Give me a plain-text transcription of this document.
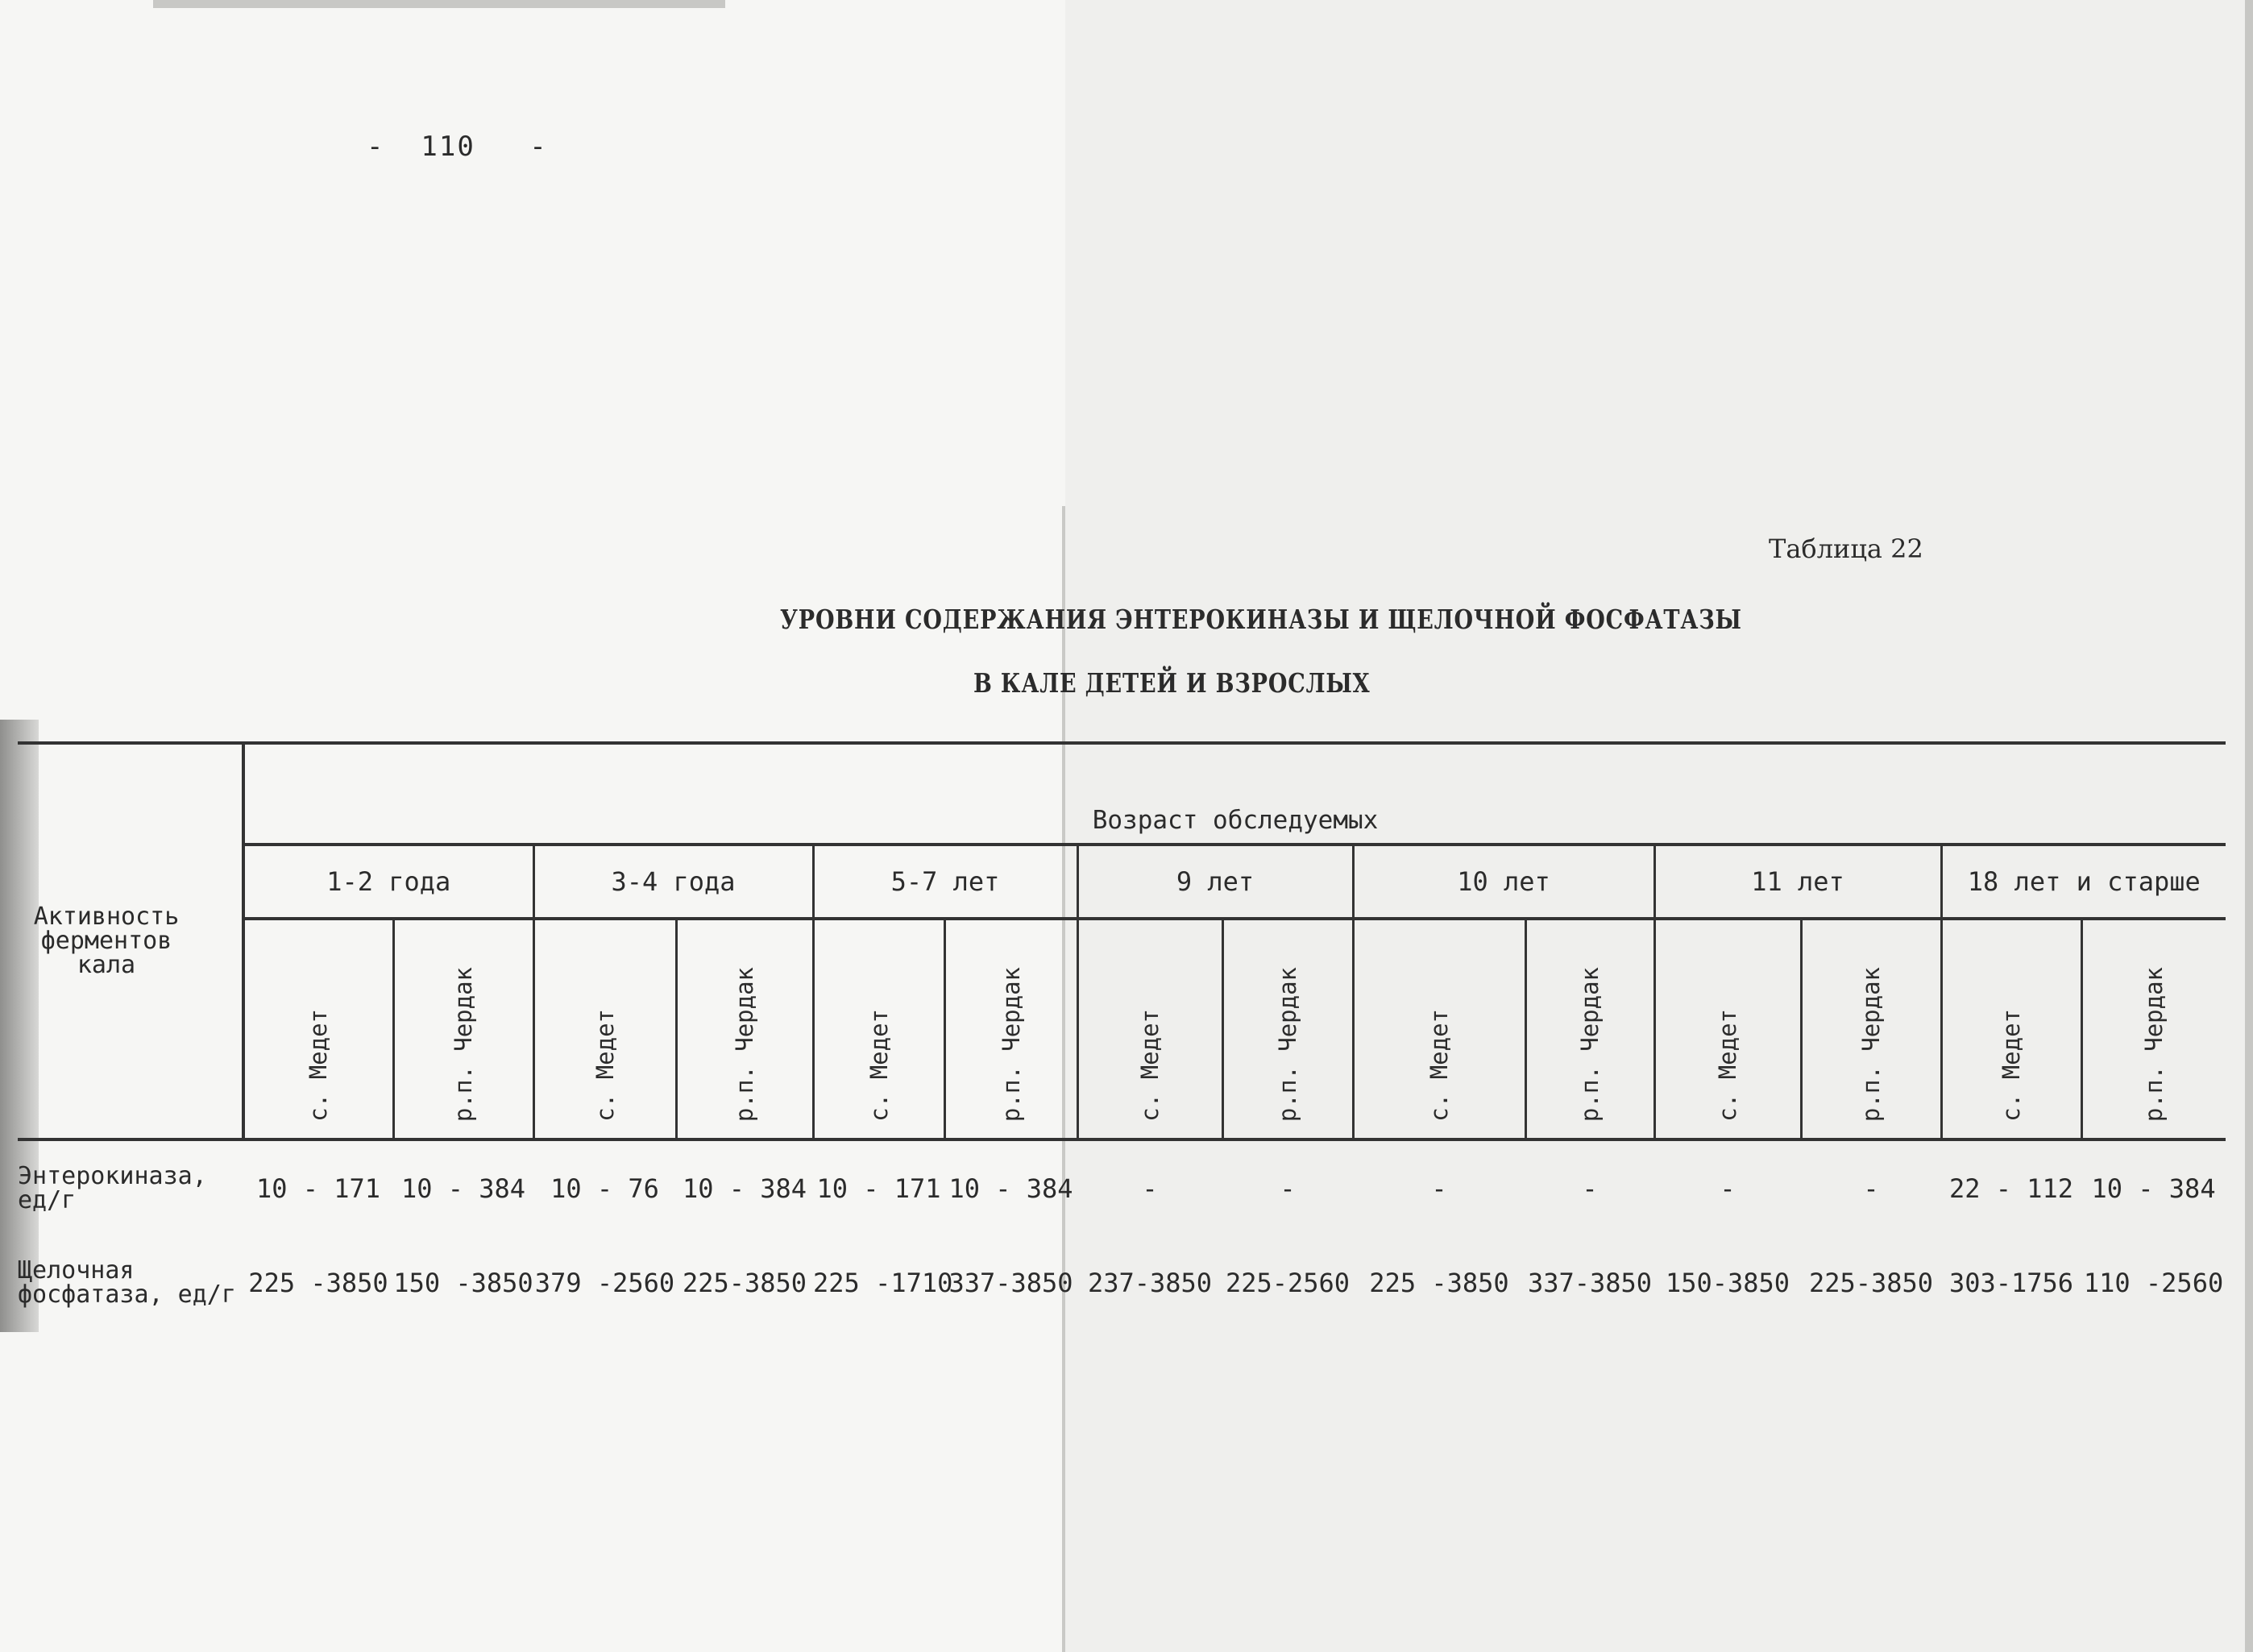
-  110   -
Таблица 22
УРОВНИ СОДЕРЖАНИЯ ЭНТЕРОКИНАЗЫ И ЩЕЛОЧНОЙ ФОСФАТАЗЫ
В КАЛЕ ДЕТЕЙ И ВЗРОСЛЫХ
Активность ферментов кала	Возраст обследуемых													
	1-2 года		3-4 года		5-7 лет		9 лет		10 лет		11 лет		18 лет и старше	

	с. Медет	р.п. Чердак	с. Медет	р.п. Чердак	с. Медет	р.п. Чердак	с. Медет	р.п. Чердак	с. Медет	р.п. Чердак	с. Медет	р.п. Чердак	с. Медет	р.п. Чердак

Энтерокиназа, ед/г	10 - 171	10 - 384	10 - 76	10 - 384	10 - 171	10 - 384	-	-	-	-	-	-	22 - 112	10 - 384
Щелочная фосфатаза, ед/г	225 -3850	150 -3850	379 -2560	225-3850	225 -1710	337-3850	237-3850	225-2560	225 -3850	337-3850	150-3850	225-3850	303-1756	110 -2560
